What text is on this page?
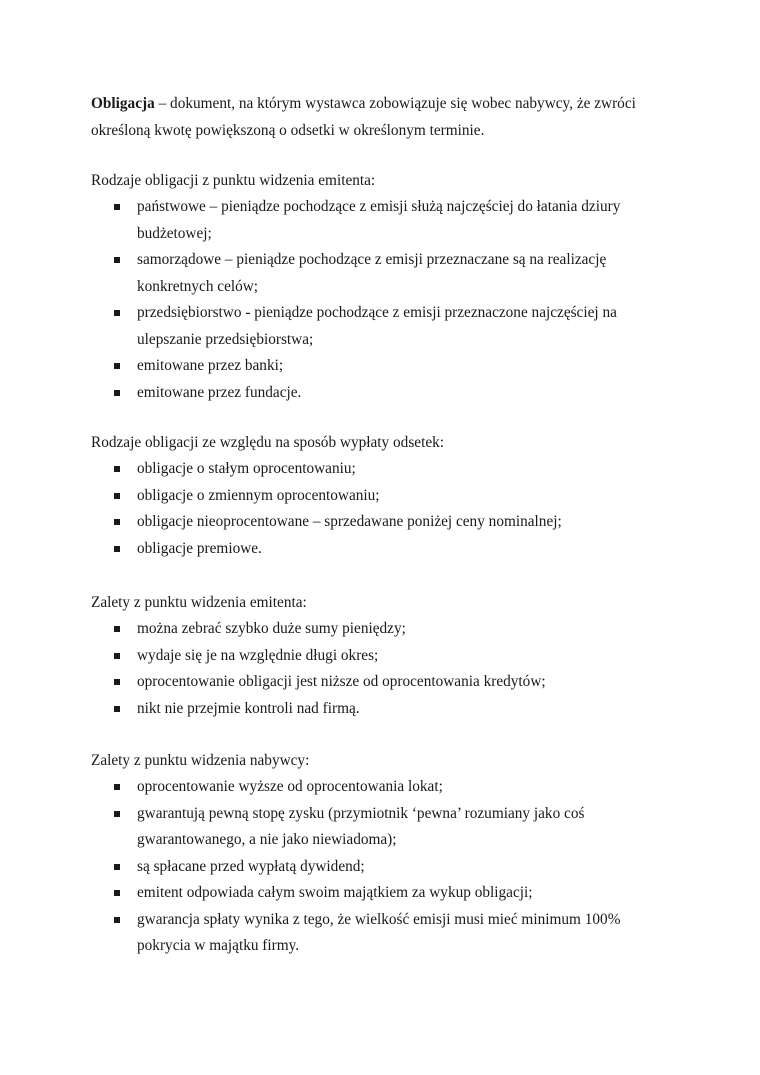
Obligacja – dokument, na którym wystawca zobowiązuje się wobec nabywcy, że zwróci określoną kwotę powiększoną o odsetki w określonym terminie.

Rodzaje obligacji z punktu widzenia emitenta:

państwowe – pieniądze pochodzące z emisji służą najczęściej do łatania dziury budżetowej;
samorządowe – pieniądze pochodzące z emisji przeznaczane są na realizację konkretnych celów;
przedsiębiorstwo - pieniądze pochodzące z emisji przeznaczone najczęściej na ulepszanie przedsiębiorstwa;
emitowane przez banki;
emitowane przez fundacje.

Rodzaje obligacji ze względu na sposób wypłaty odsetek:

obligacje o stałym oprocentowaniu;
obligacje o zmiennym oprocentowaniu;
obligacje nieoprocentowane – sprzedawane poniżej ceny nominalnej;
obligacje premiowe.

Zalety z punktu widzenia emitenta:

można zebrać szybko duże sumy pieniędzy;
wydaje się je na względnie długi okres;
oprocentowanie obligacji jest niższe od oprocentowania kredytów;
nikt nie przejmie kontroli nad firmą.

Zalety z punktu widzenia nabywcy:

oprocentowanie wyższe od oprocentowania lokat;
gwarantują pewną stopę zysku (przymiotnik ‘pewna’ rozumiany jako coś gwarantowanego, a nie jako niewiadoma);
są spłacane przed wypłatą dywidend;
emitent odpowiada całym swoim majątkiem za wykup obligacji;
gwarancja spłaty wynika z tego, że wielkość emisji musi mieć minimum 100% pokrycia w majątku firmy.
